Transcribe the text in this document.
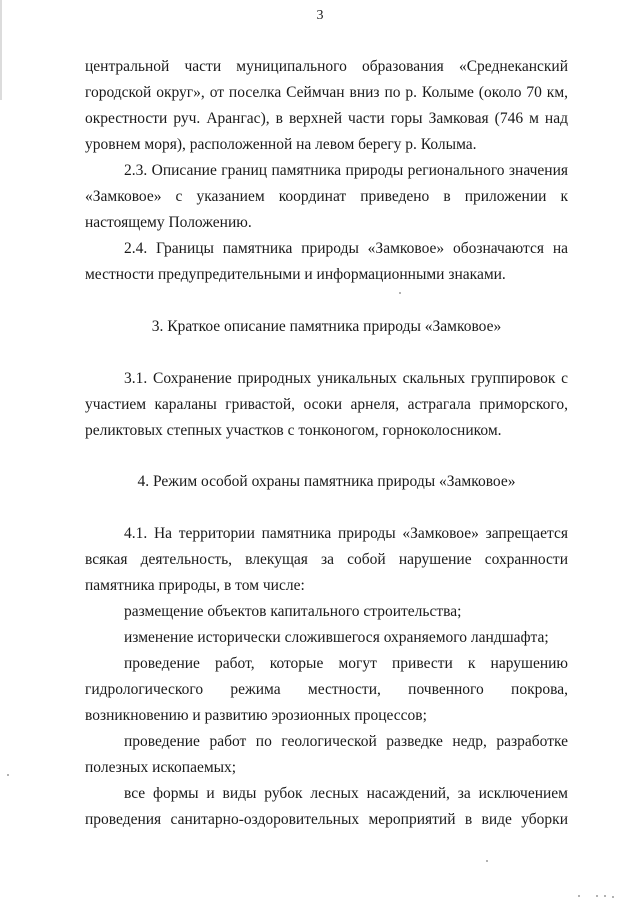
3
центральной части муниципального образования «Среднеканский
городской округ», от поселка Сеймчан вниз по р. Колыме (около 70 км,
окрестности руч. Арангас), в верхней части горы Замковая (746 м над
уровнем моря), расположенной на левом берегу р. Колыма.
2.3. Описание границ памятника природы регионального значения
«Замковое» с указанием координат приведено в приложении к
настоящему Положению.
2.4. Границы памятника природы «Замковое» обозначаются на
местности предупредительными и информационными знаками.
3. Краткое описание памятника природы «Замковое»
3.1. Сохранение природных уникальных скальных группировок с
участием караланы гривастой, осоки арнеля, астрагала приморского,
реликтовых степных участков с тонконогом, горноколосником.
4. Режим особой охраны памятника природы «Замковое»
4.1. На территории памятника природы «Замковое» запрещается
всякая деятельность, влекущая за собой нарушение сохранности
памятника природы, в том числе:
размещение объектов капитального строительства;
изменение исторически сложившегося охраняемого ландшафта;
проведение работ, которые могут привести к нарушению
гидрологического режима местности, почвенного покрова,
возникновению и развитию эрозионных процессов;
проведение работ по геологической разведке недр, разработке
полезных ископаемых;
все формы и виды рубок лесных насаждений, за исключением
проведения санитарно-оздоровительных мероприятий в виде уборки
